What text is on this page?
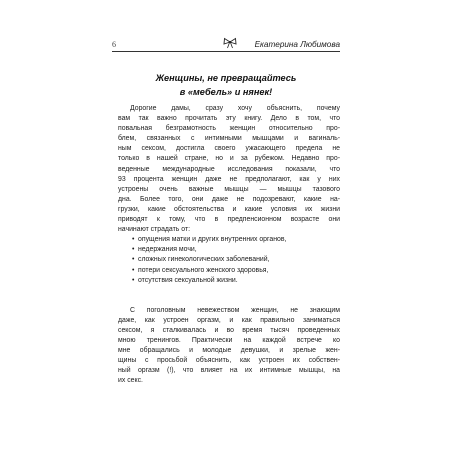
6	Екатерина Любимова
Женщины, не превращайтесь
в «мебель» и нянек!
Дорогие дамы, сразу хочу объяснить, почему
вам так важно прочитать эту книгу. Дело в том, что
повальная безграмотность женщин относительно про-
блем, связанных с интимными мышцами и вагиналь-
ным сексом, достигла своего ужасающего предела не
только в нашей стране, но и за рубежом. Недавно про-
веденные международные исследования показали, что
93 процента женщин даже не предполагают, как у них
устроены очень важные мышцы — мышцы тазового
дна. Более того, они даже не подозревают, какие на-
грузки, какие обстоятельства и какие условия их жизни
приводят к тому, что в предпенсионном возрасте они
начинают страдать от:
• опущения матки и других внутренних органов,
• недержания мочи,
• сложных гинекологических заболеваний,
• потери сексуального женского здоровья,
• отсутствия сексуальной жизни.
С поголовным невежеством женщин, не знающим
даже, как устроен оргазм, и как правильно заниматься
сексом, я сталкивалась и во время тысяч проведенных
мною тренингов. Практически на каждой встрече ко
мне обращались и молодые девушки, и зрелые жен-
щины с просьбой объяснить, как устроен их собствен-
ный оргазм (!), что влияет на их интимные мышцы, на
их секс.
